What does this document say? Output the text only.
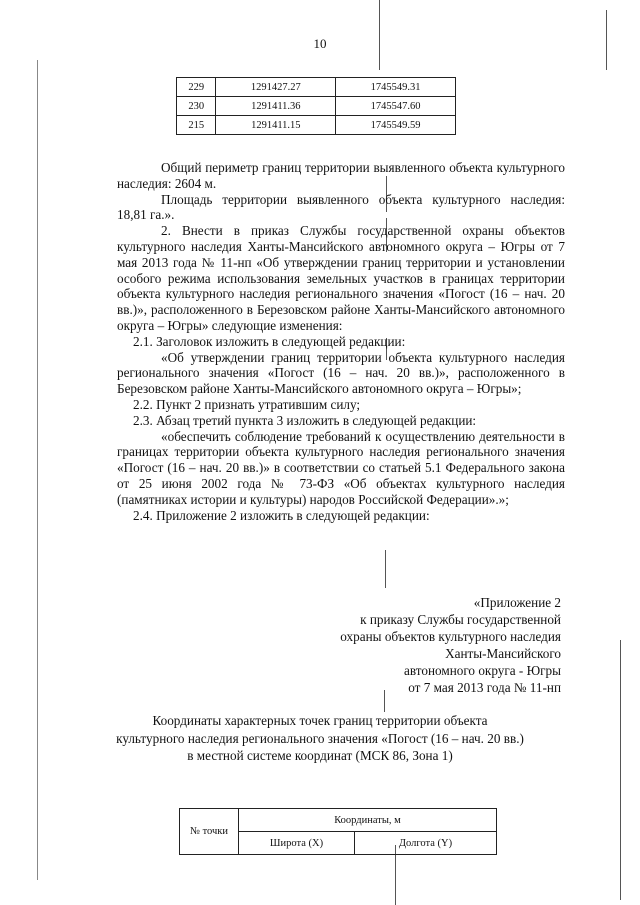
10
229	1291427.27	1745549.31
230	1291411.36	1745547.60
215	1291411.15	1745549.59

Общий периметр границ территории выявленного объекта культурного наследия: 2604 м.

Площадь территории выявленного объекта культурного наследия: 18,81 га.».

2. Внести в приказ Службы государственной охраны объектов культурного наследия Ханты-Мансийского автономного округа – Югры от 7 мая 2013 года № 11-нп «Об утверждении границ территории и установлении особого режима использования земельных участков в границах территории объекта культурного наследия регионального значения «Погост (16 – нач. 20 вв.)», расположенного в Березовском районе Ханты-Мансийского автономного округа – Югры» следующие изменения:

2.1. Заголовок изложить в следующей редакции:

«Об утверждении границ территории объекта культурного наследия регионального значения «Погост (16 – нач. 20 вв.)», расположенного в Березовском районе Ханты-Мансийского автономного округа – Югры»;

2.2. Пункт 2 признать утратившим силу;

2.3. Абзац третий пункта 3 изложить в следующей редакции:

«обеспечить соблюдение требований к осуществлению деятельности в границах территории объекта культурного наследия регионального значения «Погост (16 – нач. 20 вв.)» в соответствии со статьей 5.1 Федерального закона от 25 июня 2002 года № 73-ФЗ «Об объектах культурного наследия (памятниках истории и культуры) народов Российской Федерации».»;

2.4. Приложение 2 изложить в следующей редакции:

«Приложение 2
к приказу Службы государственной
охраны объектов культурного наследия
Ханты-Мансийского
автономного округа - Югры
от 7 мая 2013 года № 11-нп
Координаты характерных точек границ территории объекта
культурного наследия регионального значения «Погост (16 – нач. 20 вв.)
в местной системе координат (МСК 86, Зона 1)
№ точки	Координаты, м	
	Широта (X)	Долгота (Y)
